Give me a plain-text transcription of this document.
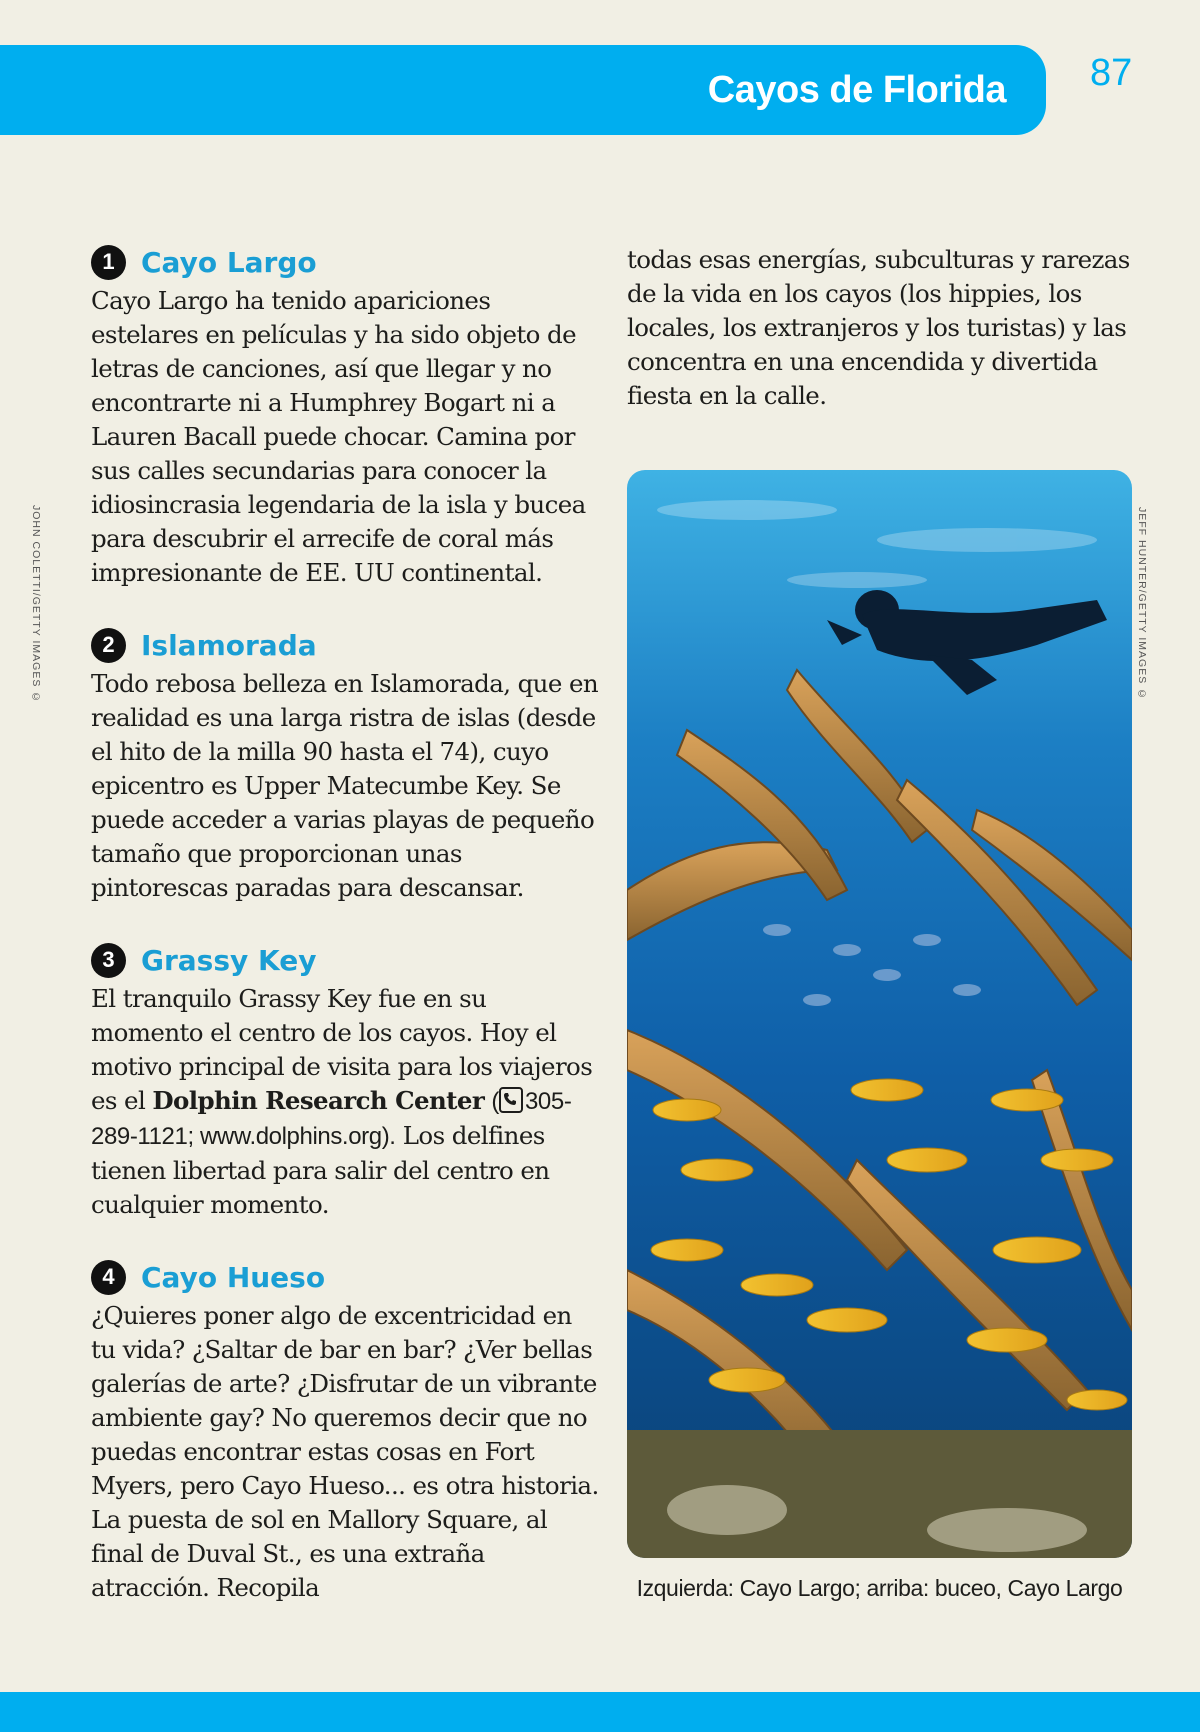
Cayos de Florida 87
JOHN COLETTI/GETTY IMAGES ©	JEFF HUNTER/GETTY IMAGES ©
1 Cayo Largo
Cayo Largo ha tenido apariciones estelares en películas y ha sido objeto de letras de canciones, así que llegar y no encontrarte ni a Humphrey Bogart ni a Lauren Bacall puede chocar. Camina por sus calles secundarias para conocer la idiosincrasia legendaria de la isla y bucea para descubrir el arrecife de coral más impresionante de EE. UU continental.
2 Islamorada
Todo rebosa belleza en Islamorada, que en realidad es una larga ristra de islas (desde el hito de la milla 90 hasta el 74), cuyo epicentro es Upper Matecumbe Key. Se puede acceder a varias playas de pequeño tamaño que proporcionan unas pintorescas paradas para descansar.
3 Grassy Key
El tranquilo Grassy Key fue en su momento el centro de los cayos. Hoy el motivo principal de visita para los viajeros es el Dolphin Research Center ( 305-289-1121; www.dolphins.org). Los delfines tienen libertad para salir del centro en cualquier momento.
4 Cayo Hueso
¿Quieres poner algo de excentricidad en tu vida? ¿Saltar de bar en bar? ¿Ver bellas galerías de arte? ¿Disfrutar de un vibrante ambiente gay? No queremos decir que no puedas encontrar estas cosas en Fort Myers, pero Cayo Hueso... es otra historia. La puesta de sol en Mallory Square, al final de Duval St., es una extraña atracción. Recopila
todas esas energías, subculturas y rarezas de la vida en los cayos (los hippies, los locales, los extranjeros y los turistas) y las concentra en una encendida y divertida fiesta en la calle.
Izquierda: Cayo Largo; arriba: buceo, Cayo Largo
